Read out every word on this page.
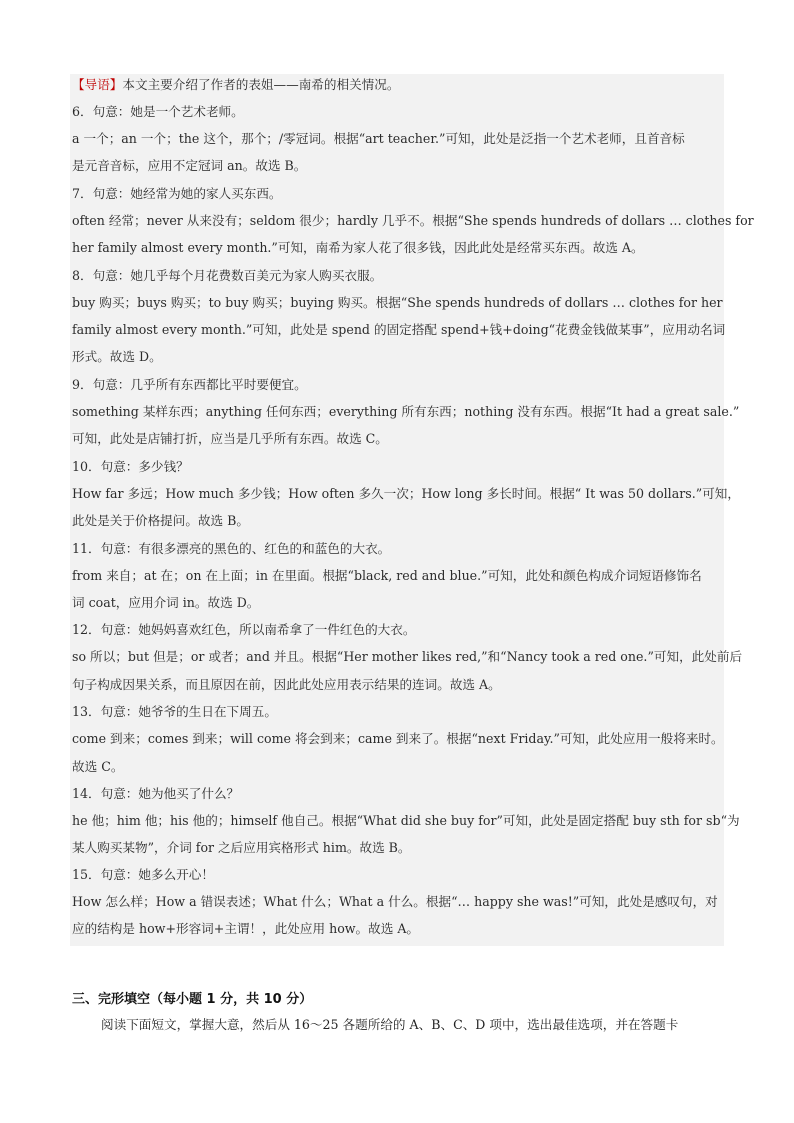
【导语】本文主要介绍了作者的表姐——南希的相关情况。
6．句意：她是一个艺术老师。
a 一个；an 一个；the 这个，那个；/零冠词。根据“art teacher.”可知，此处是泛指一个艺术老师，且首音标
是元音音标，应用不定冠词 an。故选 B。
7．句意：她经常为她的家人买东西。
often 经常；never 从来没有；seldom 很少；hardly 几乎不。根据“She spends hundreds of dollars … clothes for
her family almost every month.”可知，南希为家人花了很多钱，因此此处是经常买东西。故选 A。
8．句意：她几乎每个月花费数百美元为家人购买衣服。
buy 购买；buys 购买；to buy 购买；buying 购买。根据“She spends hundreds of dollars … clothes for her
family almost every month.”可知，此处是 spend 的固定搭配 spend+钱+doing“花费金钱做某事”，应用动名词
形式。故选 D。
9．句意：几乎所有东西都比平时要便宜。
something 某样东西；anything 任何东西；everything 所有东西；nothing 没有东西。根据“It had a great sale.”
可知，此处是店铺打折，应当是几乎所有东西。故选 C。
10．句意：多少钱？
How far 多远；How much 多少钱；How often 多久一次；How long 多长时间。根据“ It was 50 dollars.”可知，
此处是关于价格提问。故选 B。
11．句意：有很多漂亮的黑色的、红色的和蓝色的大衣。
from 来自；at 在；on 在上面；in 在里面。根据“black, red and blue.”可知，此处和颜色构成介词短语修饰名
词 coat，应用介词 in。故选 D。
12．句意：她妈妈喜欢红色，所以南希拿了一件红色的大衣。
so 所以；but 但是；or 或者；and 并且。根据“Her mother likes red,”和“Nancy took a red one.”可知，此处前后
句子构成因果关系，而且原因在前，因此此处应用表示结果的连词。故选 A。
13．句意：她爷爷的生日在下周五。
come 到来；comes 到来；will come 将会到来；came 到来了。根据“next Friday.”可知，此处应用一般将来时。
故选 C。
14．句意：她为他买了什么？
he 他；him 他；his 他的；himself 他自己。根据“What did she buy for”可知，此处是固定搭配 buy sth for sb“为
某人购买某物”，介词 for 之后应用宾格形式 him。故选 B。
15．句意：她多么开心！
How 怎么样；How a 错误表述；What 什么；What a 什么。根据“… happy she was!”可知，此处是感叹句，对
应的结构是 how+形容词+主谓！，此处应用 how。故选 A。
三、完形填空（每小题 1 分，共 10 分）
阅读下面短文，掌握大意，然后从 16～25 各题所给的 A、B、C、D 项中，选出最佳选项，并在答题卡
